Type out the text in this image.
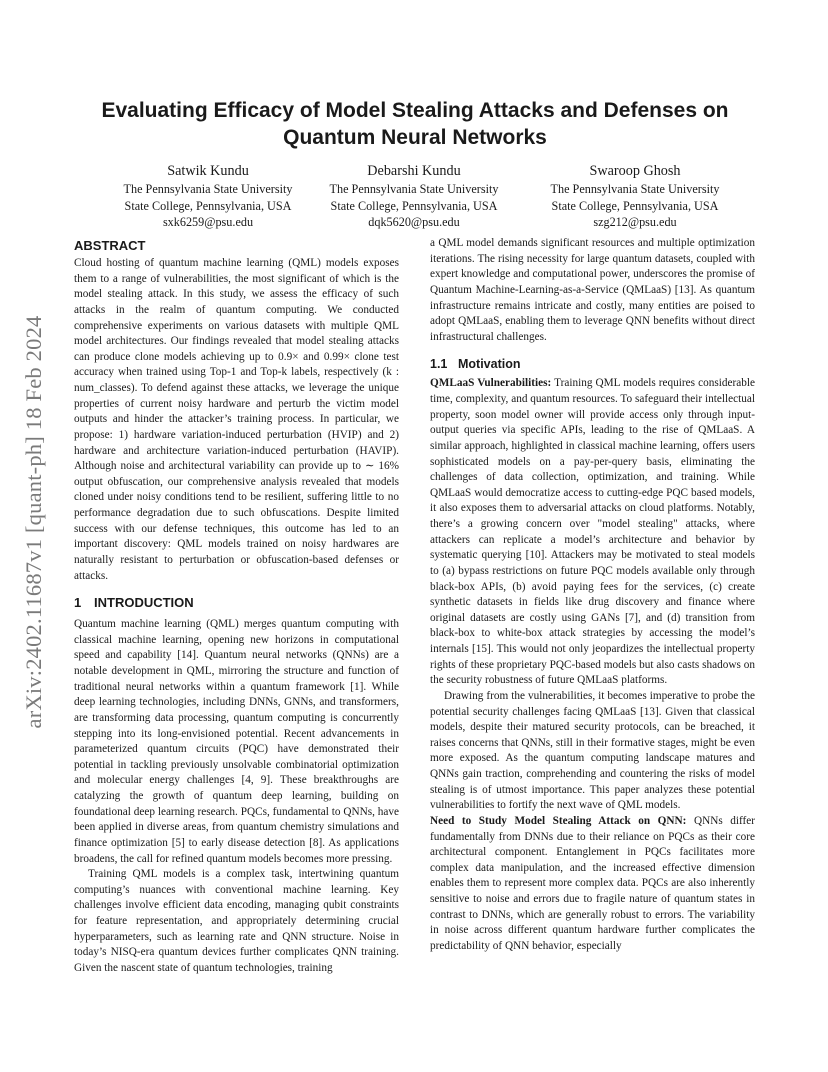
arXiv:2402.11687v1 [quant-ph] 18 Feb 2024
Evaluating Efficacy of Model Stealing Attacks and Defenses on Quantum Neural Networks
Satwik Kundu
The Pennsylvania State University
State College, Pennsylvania, USA
sxk6259@psu.edu
Debarshi Kundu
The Pennsylvania State University
State College, Pennsylvania, USA
dqk5620@psu.edu
Swaroop Ghosh
The Pennsylvania State University
State College, Pennsylvania, USA
szg212@psu.edu
ABSTRACT

Cloud hosting of quantum machine learning (QML) models exposes them to a range of vulnerabilities, the most significant of which is the model stealing attack. In this study, we assess the efficacy of such attacks in the realm of quantum computing. We conducted comprehensive experiments on various datasets with multiple QML model architectures. Our findings revealed that model stealing attacks can produce clone models achieving up to 0.9× and 0.99× clone test accuracy when trained using Top-1 and Top-k labels, respectively (k : num_classes). To defend against these attacks, we leverage the unique properties of current noisy hardware and perturb the victim model outputs and hinder the attacker’s training process. In particular, we propose: 1) hardware variation-induced perturbation (HVIP) and 2) hardware and architecture variation-induced perturbation (HAVIP). Although noise and architectural variability can provide up to ∼ 16% output obfuscation, our comprehensive analysis revealed that models cloned under noisy conditions tend to be resilient, suffering little to no performance degradation due to such obfuscations. Despite limited success with our defense techniques, this outcome has led to an important discovery: QML models trained on noisy hardwares are naturally resistant to perturbation or obfuscation-based defenses or attacks.

1 INTRODUCTION

Quantum machine learning (QML) merges quantum computing with classical machine learning, opening new horizons in computational speed and capability [14]. Quantum neural networks (QNNs) are a notable development in QML, mirroring the structure and function of traditional neural networks within a quantum framework [1]. While deep learning technologies, including DNNs, GNNs, and transformers, are transforming data processing, quantum computing is concurrently stepping into its long-envisioned potential. Recent advancements in parameterized quantum circuits (PQC) have demonstrated their potential in tackling previously unsolvable combinatorial optimization and molecular energy challenges [4, 9]. These breakthroughs are catalyzing the growth of quantum deep learning, building on foundational deep learning research. PQCs, fundamental to QNNs, have been applied in diverse areas, from quantum chemistry simulations and finance optimization [5] to early disease detection [8]. As applications broadens, the call for refined quantum models becomes more pressing.

Training QML models is a complex task, intertwining quantum computing’s nuances with conventional machine learning. Key challenges involve efficient data encoding, managing qubit constraints for feature representation, and appropriately determining crucial hyperparameters, such as learning rate and QNN structure. Noise in today’s NISQ-era quantum devices further complicates QNN training. Given the nascent state of quantum technologies, training

a QML model demands significant resources and multiple optimization iterations. The rising necessity for large quantum datasets, coupled with expert knowledge and computational power, underscores the promise of Quantum Machine-Learning-as-a-Service (QMLaaS) [13]. As quantum infrastructure remains intricate and costly, many entities are poised to adopt QMLaaS, enabling them to leverage QNN benefits without direct infrastructural challenges.

1.1 Motivation

QMLaaS Vulnerabilities: Training QML models requires considerable time, complexity, and quantum resources. To safeguard their intellectual property, soon model owner will provide access only through input-output queries via specific APIs, leading to the rise of QMLaaS. A similar approach, highlighted in classical machine learning, offers users sophisticated models on a pay-per-query basis, eliminating the challenges of data collection, optimization, and training. While QMLaaS would democratize access to cutting-edge PQC based models, it also exposes them to adversarial attacks on cloud platforms. Notably, there’s a growing concern over "model stealing" attacks, where attackers can replicate a model’s architecture and behavior by systematic querying [10]. Attackers may be motivated to steal models to (a) bypass restrictions on future PQC models available only through black-box APIs, (b) avoid paying fees for the services, (c) create synthetic datasets in fields like drug discovery and finance where original datasets are costly using GANs [7], and (d) transition from black-box to white-box attack strategies by accessing the model’s internals [15]. This would not only jeopardizes the intellectual property rights of these proprietary PQC-based models but also casts shadows on the security robustness of future QMLaaS platforms.

Drawing from the vulnerabilities, it becomes imperative to probe the potential security challenges facing QMLaaS [13]. Given that classical models, despite their matured security protocols, can be breached, it raises concerns that QNNs, still in their formative stages, might be even more exposed. As the quantum computing landscape matures and QNNs gain traction, comprehending and countering the risks of model stealing is of utmost importance. This paper analyzes these potential vulnerabilities to fortify the next wave of QML models.

Need to Study Model Stealing Attack on QNN: QNNs differ fundamentally from DNNs due to their reliance on PQCs as their core architectural component. Entanglement in PQCs facilitates more complex data manipulation, and the increased effective dimension enables them to represent more complex data. PQCs are also inherently sensitive to noise and errors due to fragile nature of quantum states in contrast to DNNs, which are generally robust to errors. The variability in noise across different quantum hardware further complicates the predictability of QNN behavior, especially
